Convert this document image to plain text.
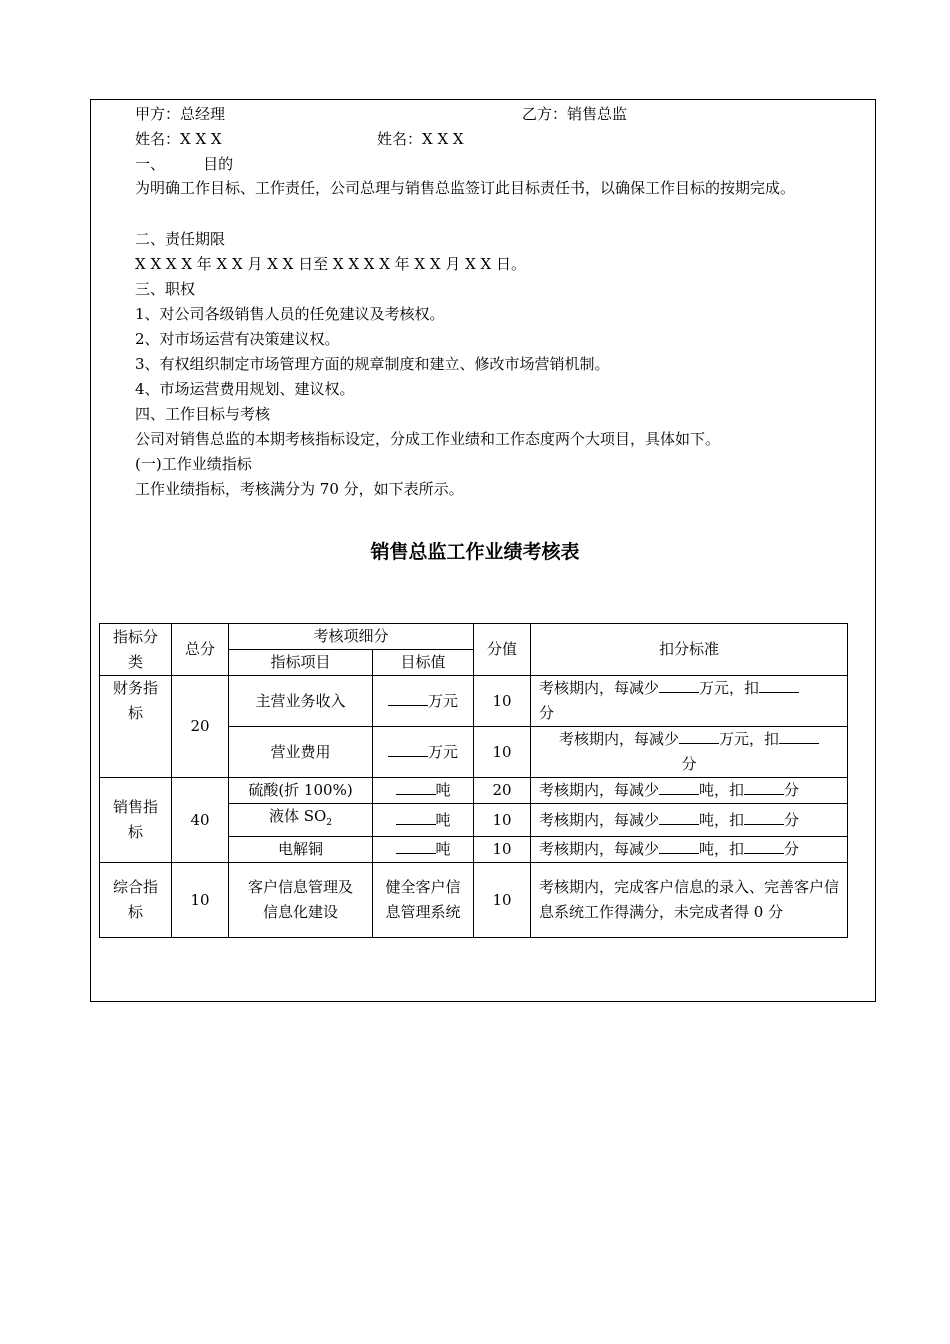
甲方：总经理	乙方：销售总监
姓名：X X X	姓名：X X X
一、        目的
为明确工作目标、工作责任，公司总理与销售总监签订此目标责任书，以确保工作目标的按期完成。
二、责任期限
X X X X 年 X X 月 X X 日至 X X X X 年 X X 月 X X 日。
三、职权
1、对公司各级销售人员的任免建议及考核权。
2、对市场运营有决策建议权。
3、有权组织制定市场管理方面的规章制度和建立、修改市场营销机制。
4、市场运营费用规划、建议权。
四、工作目标与考核
公司对销售总监的本期考核指标设定，分成工作业绩和工作态度两个大项目，具体如下。
(一)工作业绩指标
工作业绩指标，考核满分为 70 分，如下表所示。
销售总监工作业绩考核表
指标分类	总分	考核项细分		分值	扣分标准
		指标项目	目标值		
财务指标	20	主营业务收入	万元	10	考核期内，每减少 万元，扣
分
		营业费用	万元	10	考核期内，每减少 万元，扣
分
销售指标	40	硫酸(折 100%)	吨	20	考核期内，每减少 吨，扣 分
		液体 $SO_2$	吨	10	考核期内，每减少 吨，扣 分
		电解铜	吨	10	考核期内，每减少 吨，扣 分
综合指标	10	客户信息管理及信息化建设	健全客户信息管理系统	10	考核期内，完成客户信息的录入、完善客户信息系统工作得满分，未完成者得 0 分
